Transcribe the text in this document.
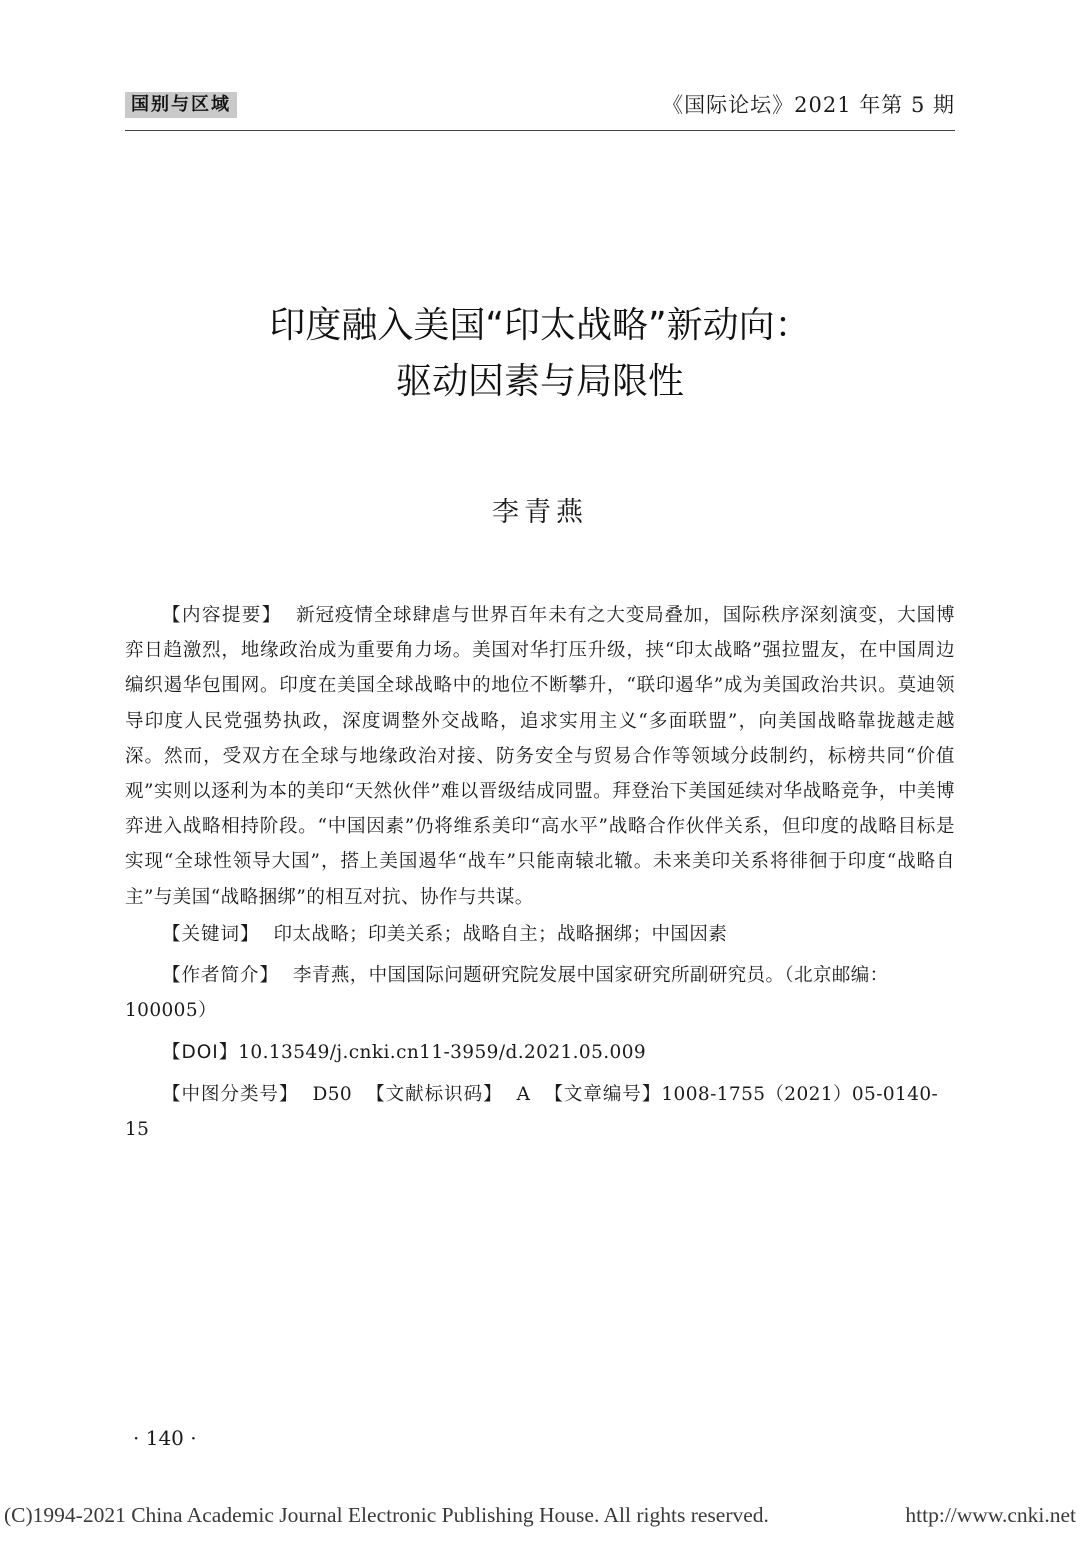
国别与区域	《国际论坛》2021 年第 5 期
印度融入美国“印太战略”新动向：
驱动因素与局限性
李青燕

【内容提要】 新冠疫情全球肆虐与世界百年未有之大变局叠加，国际秩序深刻演变，大国博弈日趋激烈，地缘政治成为重要角力场。美国对华打压升级，挟“印太战略”强拉盟友，在中国周边编织遏华包围网。印度在美国全球战略中的地位不断攀升，“联印遏华”成为美国政治共识。莫迪领导印度人民党强势执政，深度调整外交战略，追求实用主义“多面联盟”，向美国战略靠拢越走越深。然而，受双方在全球与地缘政治对接、防务安全与贸易合作等领域分歧制约，标榜共同“价值观”实则以逐利为本的美印“天然伙伴”难以晋级结成同盟。拜登治下美国延续对华战略竞争，中美博弈进入战略相持阶段。“中国因素”仍将维系美印“高水平”战略合作伙伴关系，但印度的战略目标是实现“全球性领导大国”，搭上美国遏华“战车”只能南辕北辙。未来美印关系将徘徊于印度“战略自主”与美国“战略捆绑”的相互对抗、协作与共谋。

【关键词】 印太战略；印美关系；战略自主；战略捆绑；中国因素

【作者简介】 李青燕，中国国际问题研究院发展中国家研究所副研究员。（北京邮编：100005）

【DOI】10.13549/j.cnki.cn11-3959/d.2021.05.009

【中图分类号】 D50 【文献标识码】 A 【文章编号】1008-1755（2021）05-0140-15

· 140 ·
(C)1994-2021 China Academic Journal Electronic Publishing House. All rights reserved.	http://www.cnki.net
